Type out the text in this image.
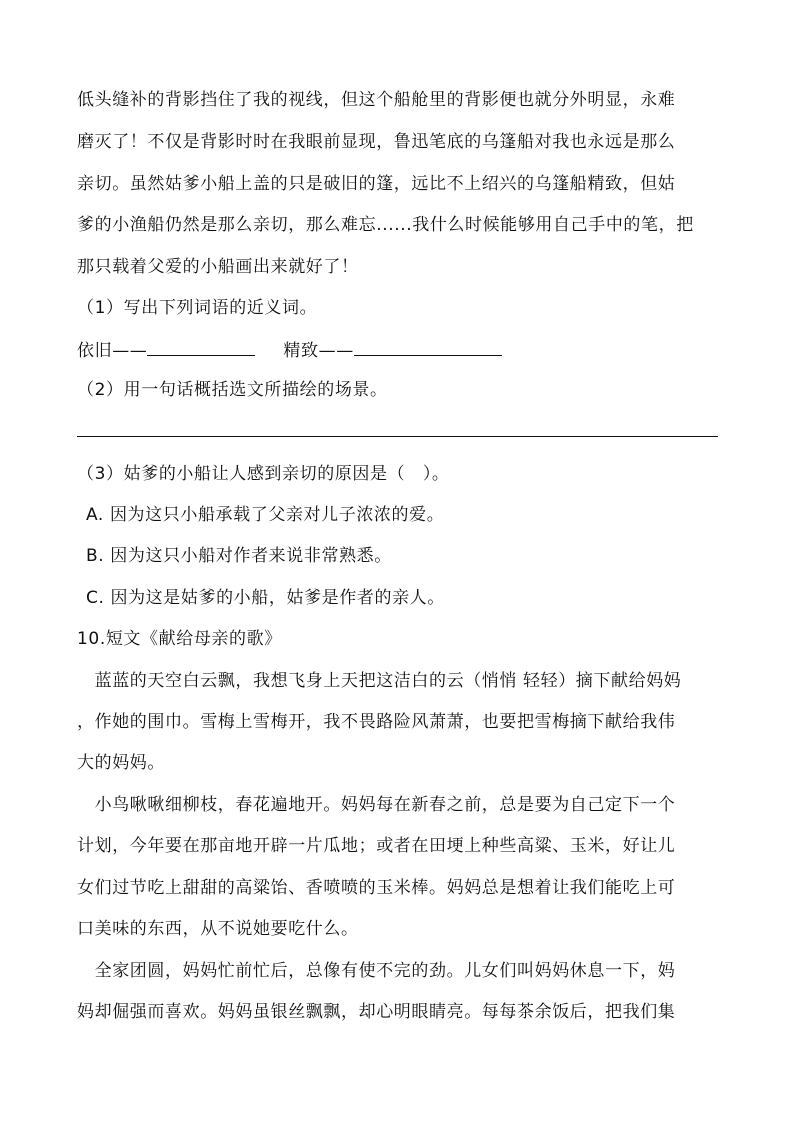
低头缝补的背影挡住了我的视线，但这个船舱里的背影便也就分外明显，永难
磨灭了！不仅是背影时时在我眼前显现，鲁迅笔底的乌篷船对我也永远是那么
亲切。虽然姑爹小船上盖的只是破旧的篷，远比不上绍兴的乌篷船精致，但姑
爹的小渔船仍然是那么亲切，那么难忘......我什么时候能够用自己手中的笔，把
那只载着父爱的小船画出来就好了！
（1）写出下列词语的近义词。
依旧——	精致——
（2）用一句话概括选文所描绘的场景。
（3）姑爹的小船让人感到亲切的原因是（　）。
A. 因为这只小船承载了父亲对儿子浓浓的爱。
B. 因为这只小船对作者来说非常熟悉。
C. 因为这是姑爹的小船，姑爹是作者的亲人。
10.短文《献给母亲的歌》
　蓝蓝的天空白云飘，我想飞身上天把这洁白的云（悄悄 轻轻）摘下献给妈妈
，作她的围巾。雪梅上雪梅开，我不畏路险风萧萧，也要把雪梅摘下献给我伟
大的妈妈。
　小鸟啾啾细柳枝，春花遍地开。妈妈每在新春之前，总是要为自己定下一个
计划，今年要在那亩地开辟一片瓜地；或者在田埂上种些高粱、玉米，好让儿
女们过节吃上甜甜的高粱饴、香喷喷的玉米棒。妈妈总是想着让我们能吃上可
口美味的东西，从不说她要吃什么。
　全家团圆，妈妈忙前忙后，总像有使不完的劲。儿女们叫妈妈休息一下，妈
妈却倔强而喜欢。妈妈虽银丝飘飘，却心明眼睛亮。每每茶余饭后，把我们集
